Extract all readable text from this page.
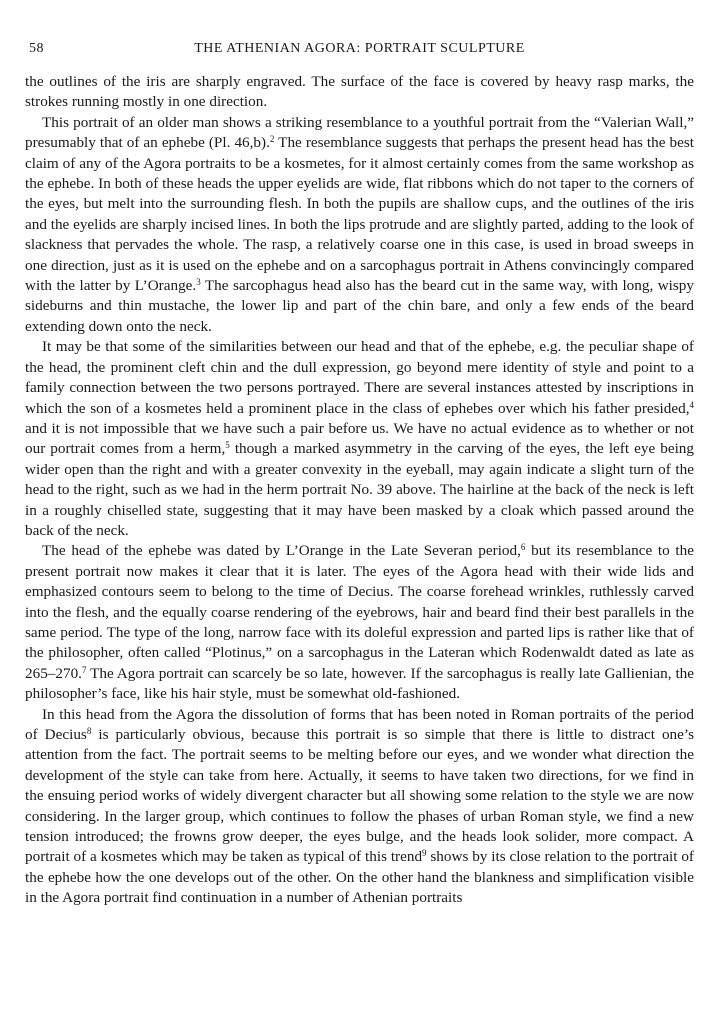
58	THE ATHENIAN AGORA: PORTRAIT SCULPTURE

the outlines of the iris are sharply engraved. The surface of the face is covered by heavy rasp marks, the strokes running mostly in one direction.

This portrait of an older man shows a striking resemblance to a youthful portrait from the “Valerian Wall,” presumably that of an ephebe (Pl. 46,b).$^2$ The resemblance suggests that perhaps the present head has the best claim of any of the Agora portraits to be a kosmetes, for it almost certainly comes from the same workshop as the ephebe. In both of these heads the upper eyelids are wide, flat ribbons which do not taper to the corners of the eyes, but melt into the surrounding flesh. In both the pupils are shallow cups, and the outlines of the iris and the eyelids are sharply incised lines. In both the lips protrude and are slightly parted, adding to the look of slackness that pervades the whole. The rasp, a relatively coarse one in this case, is used in broad sweeps in one direction, just as it is used on the ephebe and on a sarcophagus portrait in Athens convincingly compared with the latter by L’Orange.$^3$ The sarcophagus head also has the beard cut in the same way, with long, wispy sideburns and thin mustache, the lower lip and part of the chin bare, and only a few ends of the beard extending down onto the neck.

It may be that some of the similarities between our head and that of the ephebe, e.g. the peculiar shape of the head, the prominent cleft chin and the dull expression, go beyond mere identity of style and point to a family connection between the two persons portrayed. There are several instances attested by inscriptions in which the son of a kosmetes held a prominent place in the class of ephebes over which his father presided,$^4$ and it is not impossible that we have such a pair before us. We have no actual evidence as to whether or not our portrait comes from a herm,$^5$ though a marked asymmetry in the carving of the eyes, the left eye being wider open than the right and with a greater convexity in the eyeball, may again indicate a slight turn of the head to the right, such as we had in the herm portrait No. 39 above. The hairline at the back of the neck is left in a roughly chiselled state, suggesting that it may have been masked by a cloak which passed around the back of the neck.

The head of the ephebe was dated by L’Orange in the Late Severan period,$^6$ but its resemblance to the present portrait now makes it clear that it is later. The eyes of the Agora head with their wide lids and emphasized contours seem to belong to the time of Decius. The coarse forehead wrinkles, ruthlessly carved into the flesh, and the equally coarse rendering of the eyebrows, hair and beard find their best parallels in the same period. The type of the long, narrow face with its doleful expression and parted lips is rather like that of the philosopher, often called “Plotinus,” on a sarcophagus in the Lateran which Rodenwaldt dated as late as 265–270.$^7$ The Agora portrait can scarcely be so late, however. If the sarcophagus is really late Gallienian, the philosopher’s face, like his hair style, must be somewhat old-fashioned.

In this head from the Agora the dissolution of forms that has been noted in Roman portraits of the period of Decius$^8$ is particularly obvious, because this portrait is so simple that there is little to distract one’s attention from the fact. The portrait seems to be melting before our eyes, and we wonder what direction the development of the style can take from here. Actually, it seems to have taken two directions, for we find in the ensuing period works of widely divergent character but all showing some relation to the style we are now considering. In the larger group, which continues to follow the phases of urban Roman style, we find a new tension introduced; the frowns grow deeper, the eyes bulge, and the heads look solider, more compact. A portrait of a kosmetes which may be taken as typical of this trend$^9$ shows by its close relation to the portrait of the ephebe how the one develops out of the other. On the other hand the blankness and simplification visible in the Agora portrait find continuation in a number of Athenian portraits
